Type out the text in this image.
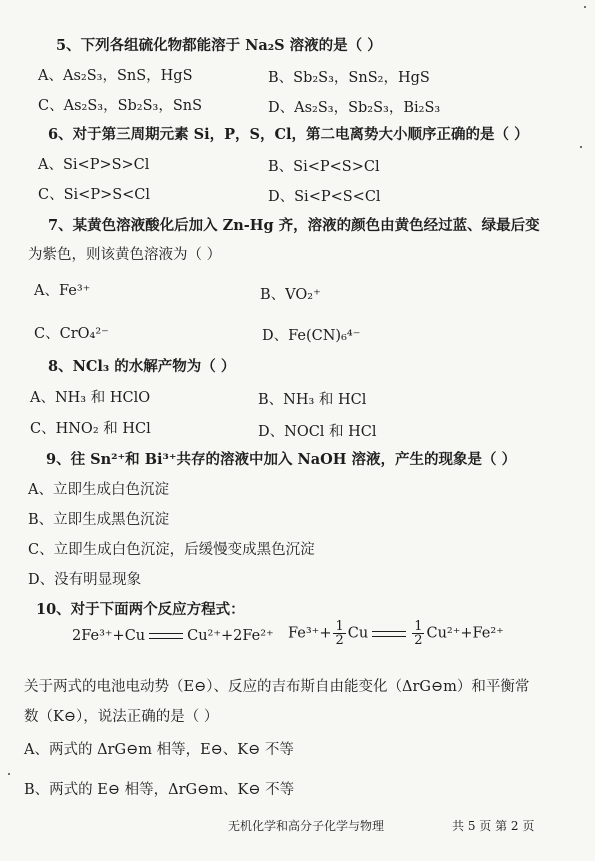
5、下列各组硫化物都能溶于 Na₂S 溶液的是（ ）
A、As₂S₃，SnS，HgS	B、Sb₂S₃，SnS₂，HgS
C、As₂S₃，Sb₂S₃，SnS	D、As₂S₃，Sb₂S₃，Bi₂S₃
6、对于第三周期元素 Si，P，S，Cl，第二电离势大小顺序正确的是（ ）
A、Si<P>S>Cl	B、Si<P<S>Cl
C、Si<P>S<Cl	D、Si<P<S<Cl
7、某黄色溶液酸化后加入 Zn-Hg 齐，溶液的颜色由黄色经过蓝、绿最后变
为紫色，则该黄色溶液为（ ）
A、Fe³⁺	B、VO₂⁺
C、CrO₄²⁻	D、Fe(CN)₆⁴⁻
8、NCl₃ 的水解产物为（ ）
A、NH₃ 和 HClO	B、NH₃ 和 HCl
C、HNO₂ 和 HCl	D、NOCl 和 HCl
9、往 Sn²⁺和 Bi³⁺共存的溶液中加入 NaOH 溶液，产生的现象是（ ）
A、立即生成白色沉淀
B、立即生成黑色沉淀
C、立即生成白色沉淀，后缓慢变成黑色沉淀
D、没有明显现象
10、对于下面两个反应方程式：
2Fe³⁺+Cu	Cu²⁺+2Fe²⁺ $Fe^{3+}+ \frac{1}{2}$ Cu	$\frac{1}{2} Cu^{2+}+Fe^{2+}$
关于两式的电池电动势（E⊖）、反应的吉布斯自由能变化（ΔrG⊖m）和平衡常
数（K⊖），说法正确的是（ ）
A、两式的 ΔrG⊖m 相等，E⊖、K⊖ 不等
B、两式的 E⊖ 相等，ΔrG⊖m、K⊖ 不等
无机化学和高分子化学与物理	共 5 页 第 2 页
